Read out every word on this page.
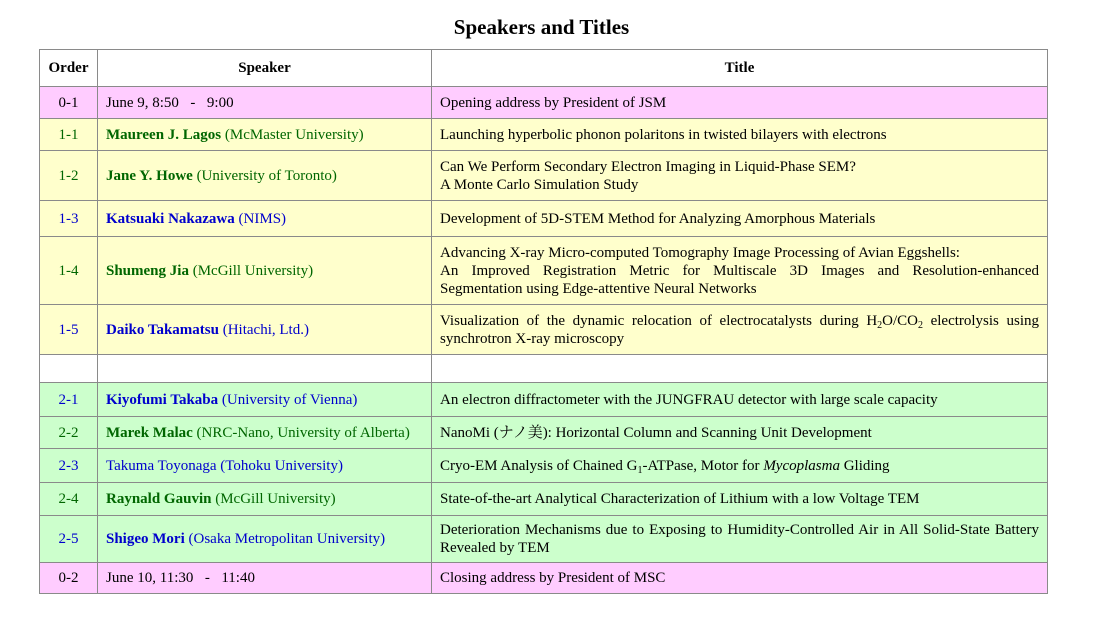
Speakers and Titles
Order	Speaker	Title
0-1	June 9, 8:50 - 9:00	Opening address by President of JSM
1-1	Maureen J. Lagos (McMaster University)	Launching hyperbolic phonon polaritons in twisted bilayers with electrons
1-2	Jane Y. Howe (University of Toronto)	Can We Perform Secondary Electron Imaging in Liquid-Phase SEM?
A Monte Carlo Simulation Study

1-3	Katsuaki Nakazawa (NIMS)	Development of 5D-STEM Method for Analyzing Amorphous Materials
1-4	Shumeng Jia (McGill University)	Advancing X-ray Micro-computed Tomography Image Processing of Avian Eggshells:
An Improved Registration Metric for Multiscale 3D Images and Resolution-enhanced Segmentation using Edge-attentive Neural Networks

1-5	Daiko Takamatsu (Hitachi, Ltd.)	Visualization of the dynamic relocation of electrocatalysts during $H_2O/CO_2$ electrolysis using synchrotron X-ray microscopy

2-1	Kiyofumi Takaba (University of Vienna)	An electron diffractometer with the JUNGFRAU detector with large scale capacity
2-2	Marek Malac (NRC-Nano, University of Alberta)	NanoMi (ナノ美): Horizontal Column and Scanning Unit Development
2-3	Takuma Toyonaga (Tohoku University)	Cryo-EM Analysis of Chained $G_1$-ATPase, Motor for Mycoplasma Gliding
2-4	Raynald Gauvin (McGill University)	State-of-the-art Analytical Characterization of Lithium with a low Voltage TEM
2-5	Shigeo Mori (Osaka Metropolitan University)	Deterioration Mechanisms due to Exposing to Humidity-Controlled Air in All Solid-State Battery Revealed by TEM
0-2	June 10, 11:30 - 11:40	Closing address by President of MSC
